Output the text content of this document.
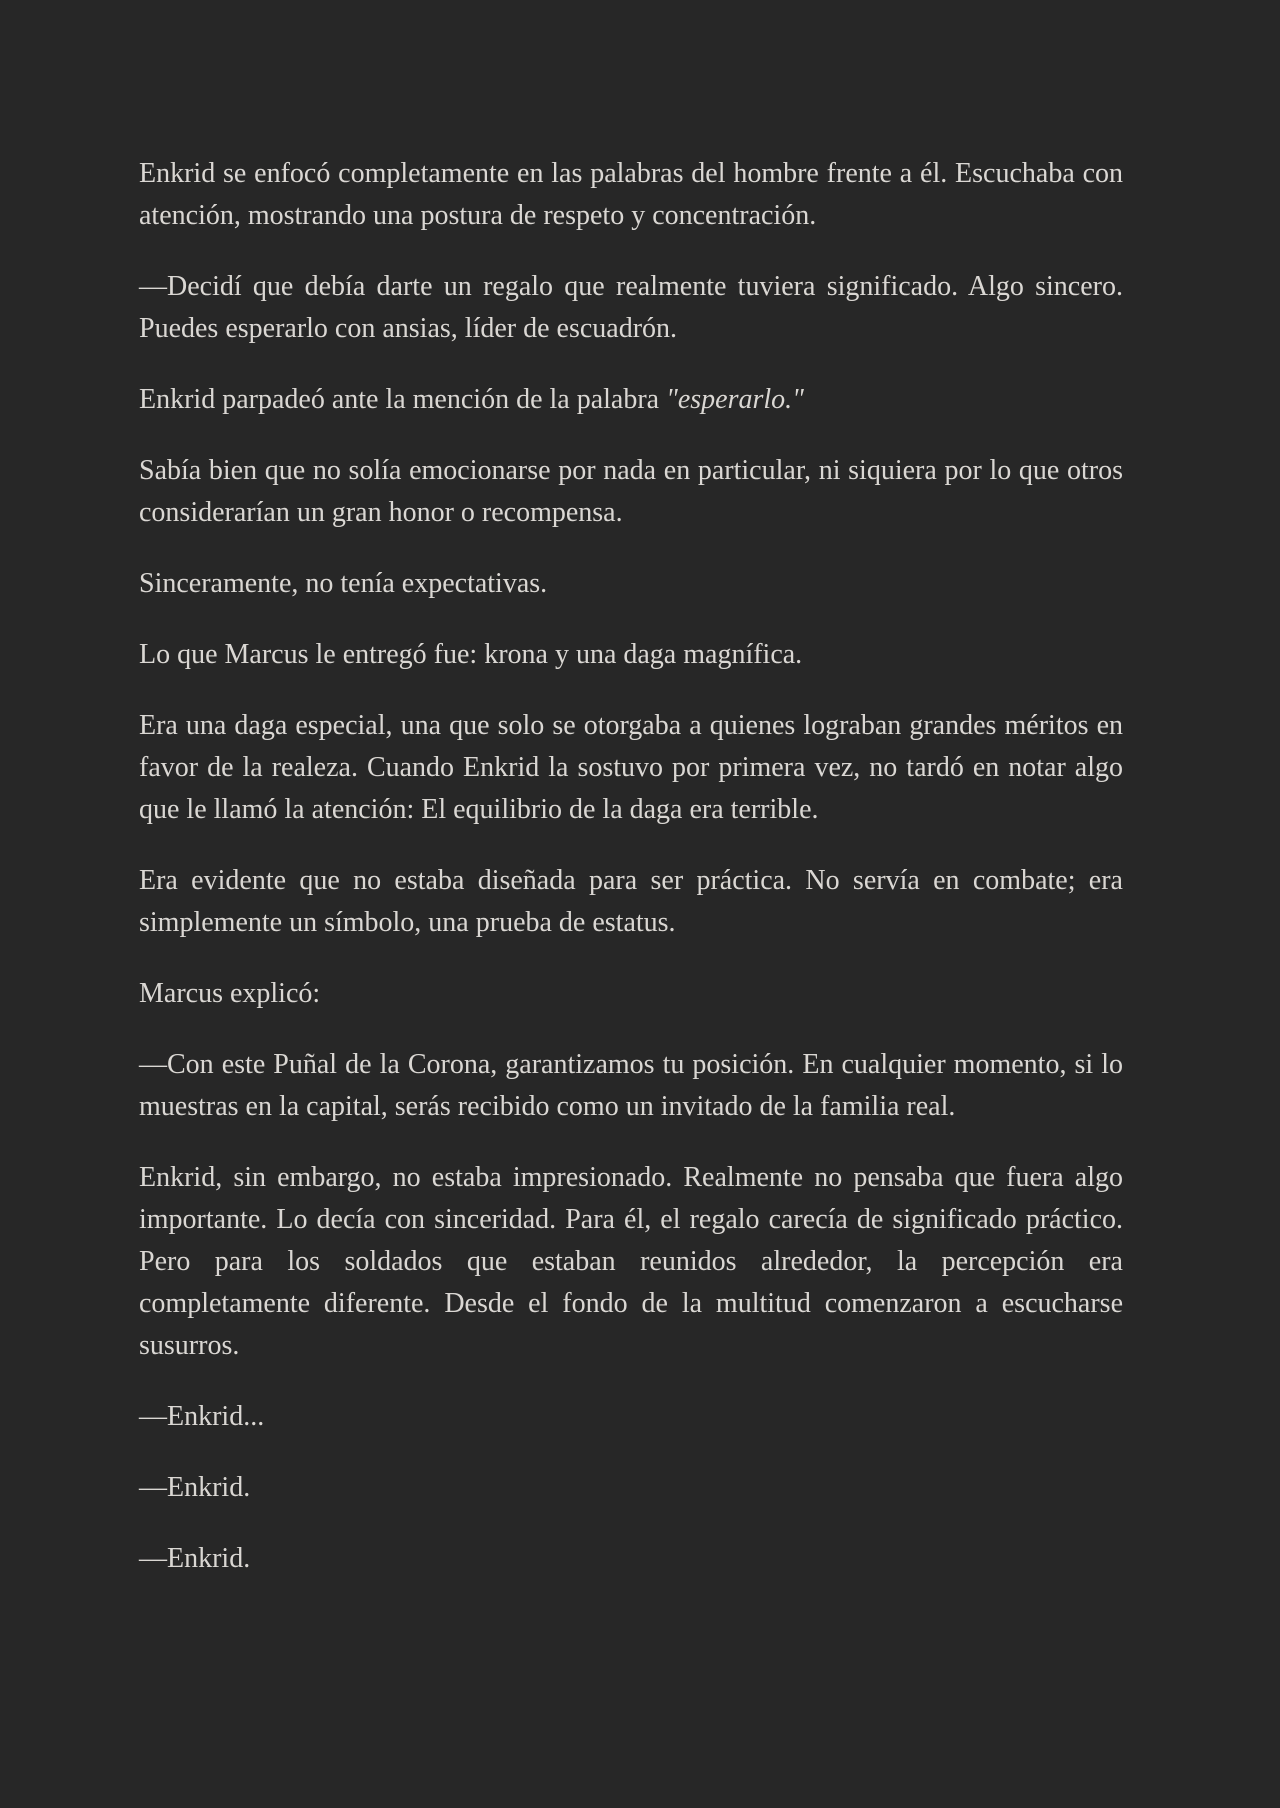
Enkrid se enfocó completamente en las palabras del hombre frente a él. Escuchaba con atención, mostrando una postura de respeto y concentración.

—Decidí que debía darte un regalo que realmente tuviera significado. Algo sincero. Puedes esperarlo con ansias, líder de escuadrón.

Enkrid parpadeó ante la mención de la palabra "esperarlo."

Sabía bien que no solía emocionarse por nada en particular, ni siquiera por lo que otros considerarían un gran honor o recompensa.

Sinceramente, no tenía expectativas.

Lo que Marcus le entregó fue: krona y una daga magnífica.

Era una daga especial, una que solo se otorgaba a quienes lograban grandes méritos en favor de la realeza. Cuando Enkrid la sostuvo por primera vez, no tardó en notar algo que le llamó la atención: El equilibrio de la daga era terrible.

Era evidente que no estaba diseñada para ser práctica. No servía en combate; era simplemente un símbolo, una prueba de estatus.

Marcus explicó:

—Con este Puñal de la Corona, garantizamos tu posición. En cualquier momento, si lo muestras en la capital, serás recibido como un invitado de la familia real.

Enkrid, sin embargo, no estaba impresionado. Realmente no pensaba que fuera algo importante. Lo decía con sinceridad. Para él, el regalo carecía de significado práctico. Pero para los soldados que estaban reunidos alrededor, la percepción era completamente diferente. Desde el fondo de la multitud comenzaron a escucharse susurros.

—Enkrid...

—Enkrid.

—Enkrid.
